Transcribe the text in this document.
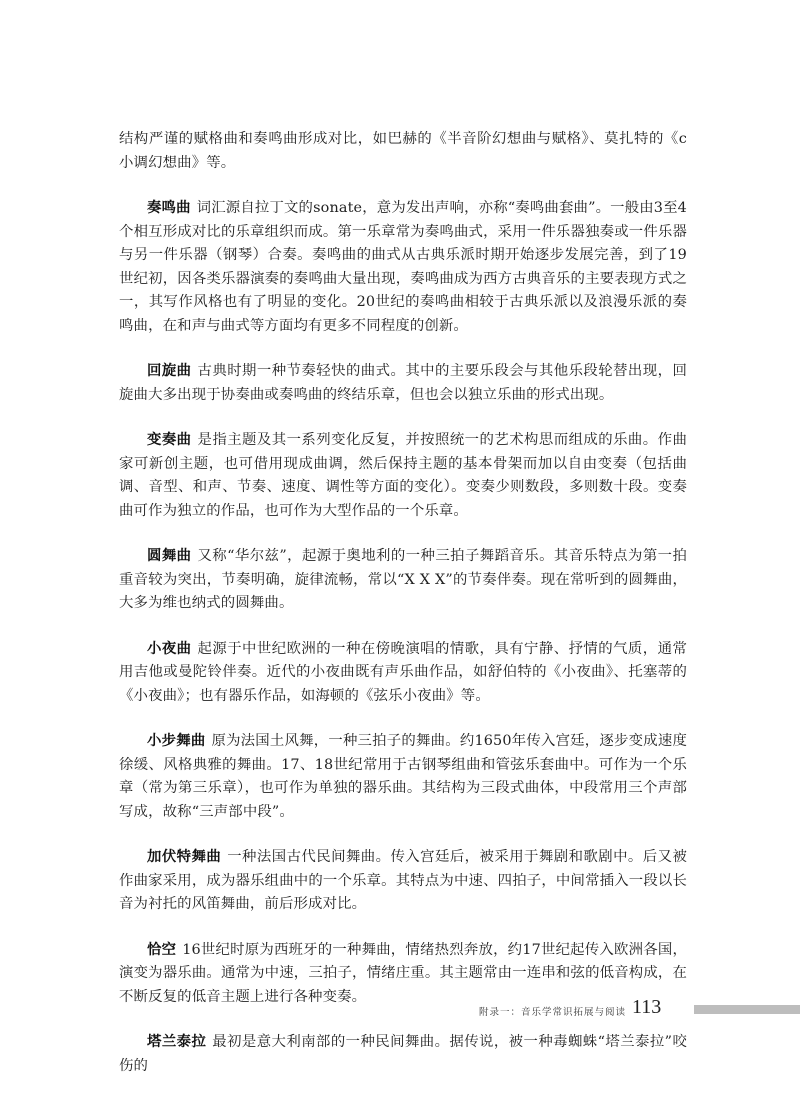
结构严谨的赋格曲和奏鸣曲形成对比，如巴赫的《半音阶幻想曲与赋格》、莫扎特的《c小调幻想曲》等。

奏鸣曲 词汇源自拉丁文的sonate，意为发出声响，亦称“奏鸣曲套曲”。一般由3至4个相互形成对比的乐章组织而成。第一乐章常为奏鸣曲式，采用一件乐器独奏或一件乐器与另一件乐器（钢琴）合奏。奏鸣曲的曲式从古典乐派时期开始逐步发展完善，到了19世纪初，因各类乐器演奏的奏鸣曲大量出现，奏鸣曲成为西方古典音乐的主要表现方式之一，其写作风格也有了明显的变化。20世纪的奏鸣曲相较于古典乐派以及浪漫乐派的奏鸣曲，在和声与曲式等方面均有更多不同程度的创新。

回旋曲 古典时期一种节奏轻快的曲式。其中的主要乐段会与其他乐段轮替出现，回旋曲大多出现于协奏曲或奏鸣曲的终结乐章，但也会以独立乐曲的形式出现。

变奏曲 是指主题及其一系列变化反复，并按照统一的艺术构思而组成的乐曲。作曲家可新创主题，也可借用现成曲调，然后保持主题的基本骨架而加以自由变奏（包括曲调、音型、和声、节奏、速度、调性等方面的变化）。变奏少则数段，多则数十段。变奏曲可作为独立的作品，也可作为大型作品的一个乐章。

圆舞曲 又称“华尔兹”，起源于奥地利的一种三拍子舞蹈音乐。其音乐特点为第一拍重音较为突出，节奏明确，旋律流畅，常以“X X X”的节奏伴奏。现在常听到的圆舞曲，大多为维也纳式的圆舞曲。

小夜曲 起源于中世纪欧洲的一种在傍晚演唱的情歌，具有宁静、抒情的气质，通常用吉他或曼陀铃伴奏。近代的小夜曲既有声乐曲作品，如舒伯特的《小夜曲》、托塞蒂的《小夜曲》；也有器乐作品，如海顿的《弦乐小夜曲》等。

小步舞曲 原为法国土风舞，一种三拍子的舞曲。约1650年传入宫廷，逐步变成速度徐缓、风格典雅的舞曲。17、18世纪常用于古钢琴组曲和管弦乐套曲中。可作为一个乐章（常为第三乐章），也可作为单独的器乐曲。其结构为三段式曲体，中段常用三个声部写成，故称“三声部中段”。

加伏特舞曲 一种法国古代民间舞曲。传入宫廷后，被采用于舞剧和歌剧中。后又被作曲家采用，成为器乐组曲中的一个乐章。其特点为中速、四拍子，中间常插入一段以长音为衬托的风笛舞曲，前后形成对比。

恰空 16世纪时原为西班牙的一种舞曲，情绪热烈奔放，约17世纪起传入欧洲各国，演变为器乐曲。通常为中速，三拍子，情绪庄重。其主题常由一连串和弦的低音构成，在不断反复的低音主题上进行各种变奏。

塔兰泰拉 最初是意大利南部的一种民间舞曲。据传说，被一种毒蜘蛛“塔兰泰拉”咬伤的

附录一：音乐学常识拓展与阅读 113
